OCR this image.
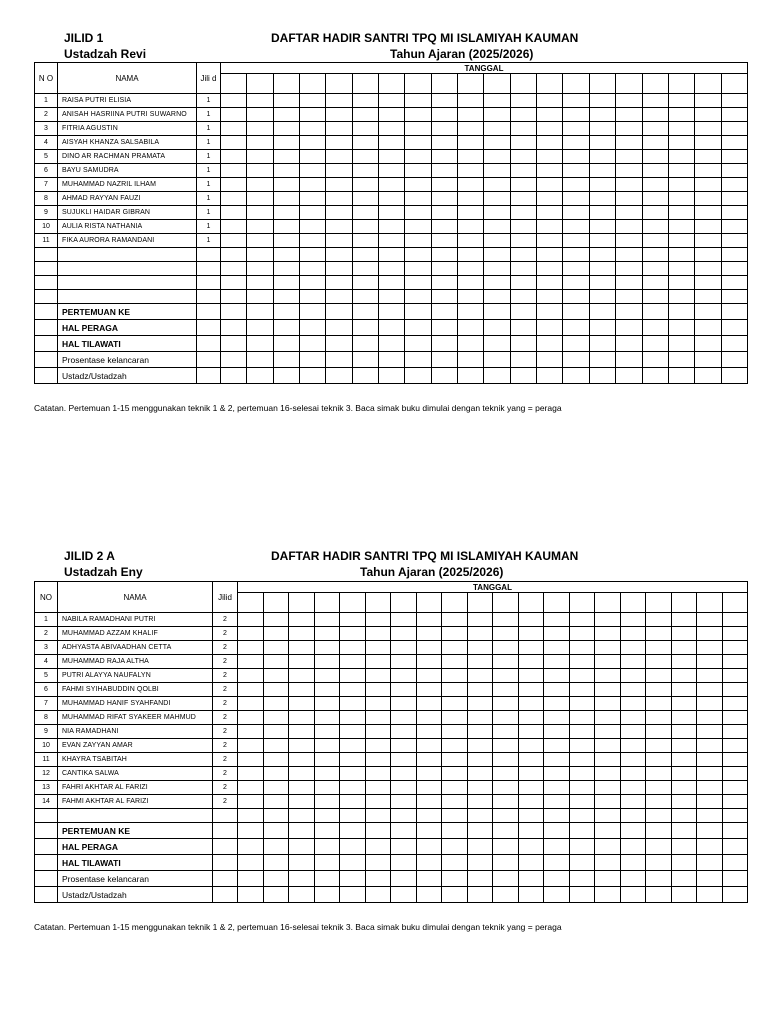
JILID 1
Ustadzah Revi
DAFTAR HADIR SANTRI TPQ MI ISLAMIYAH KAUMAN
Tahun Ajaran (2025/2026)
N O	NAMA	Jili d	TANGGAL																			

1	RAISA PUTRI ELISIA	1																				
2	ANISAH HASRIINA PUTRI SUWARNO	1																				
3	FITRIA AGUSTIN	1																				
4	AISYAH KHANZA SALSABILA	1																				
5	DINO AR RACHMAN PRAMATA	1																				
6	BAYU SAMUDRA	1																				
7	MUHAMMAD NAZRIL ILHAM	1																				
8	AHMAD RAYYAN FAUZI	1																				
9	SUJUKLI HAIDAR GIBRAN	1																				
10	AULIA RISTA NATHANIA	1																				
11	FIKA AURORA RAMANDANI	1																				

	PERTEMUAN KE																					
	HAL PERAGA																					
	HAL TILAWATI																					
	Prosentase kelancaran																					
	Ustadz/Ustadzah																					
Catatan. Pertemuan 1-15 menggunakan teknik 1 & 2, pertemuan 16-selesai teknik 3. Baca simak buku dimulai dengan teknik yang = peraga
JILID 2 A
Ustadzah Eny
DAFTAR HADIR SANTRI TPQ MI ISLAMIYAH KAUMAN
Tahun Ajaran (2025/2026)
NO	NAMA	Jilid	TANGGAL																			

1	NABILA RAMADHANI PUTRI	2																				
2	MUHAMMAD AZZAM KHALIF	2																				
3	ADHYASTA ABIVAADHAN CETTA	2																				
4	MUHAMMAD RAJA ALTHA	2																				
5	PUTRI ALAYYA NAUFALYN	2																				
6	FAHMI SYIHABUDDIN QOLBI	2																				
7	MUHAMMAD HANIF SYAHFANDI	2																				
8	MUHAMMAD RIFAT SYAKEER MAHMUD	2																				
9	NIA RAMADHANI	2																				
10	EVAN ZAYYAN AMAR	2																				
11	KHAYRA TSABITAH	2																				
12	CANTIKA SALWA	2																				
13	FAHRI AKHTAR AL FARIZI	2																				
14	FAHMI AKHTAR AL FARIZI	2																				

	PERTEMUAN KE																					
	HAL PERAGA																					
	HAL TILAWATI																					
	Prosentase kelancaran																					
	Ustadz/Ustadzah																					
Catatan. Pertemuan 1-15 menggunakan teknik 1 & 2, pertemuan 16-selesai teknik 3. Baca simak buku dimulai dengan teknik yang = peraga
